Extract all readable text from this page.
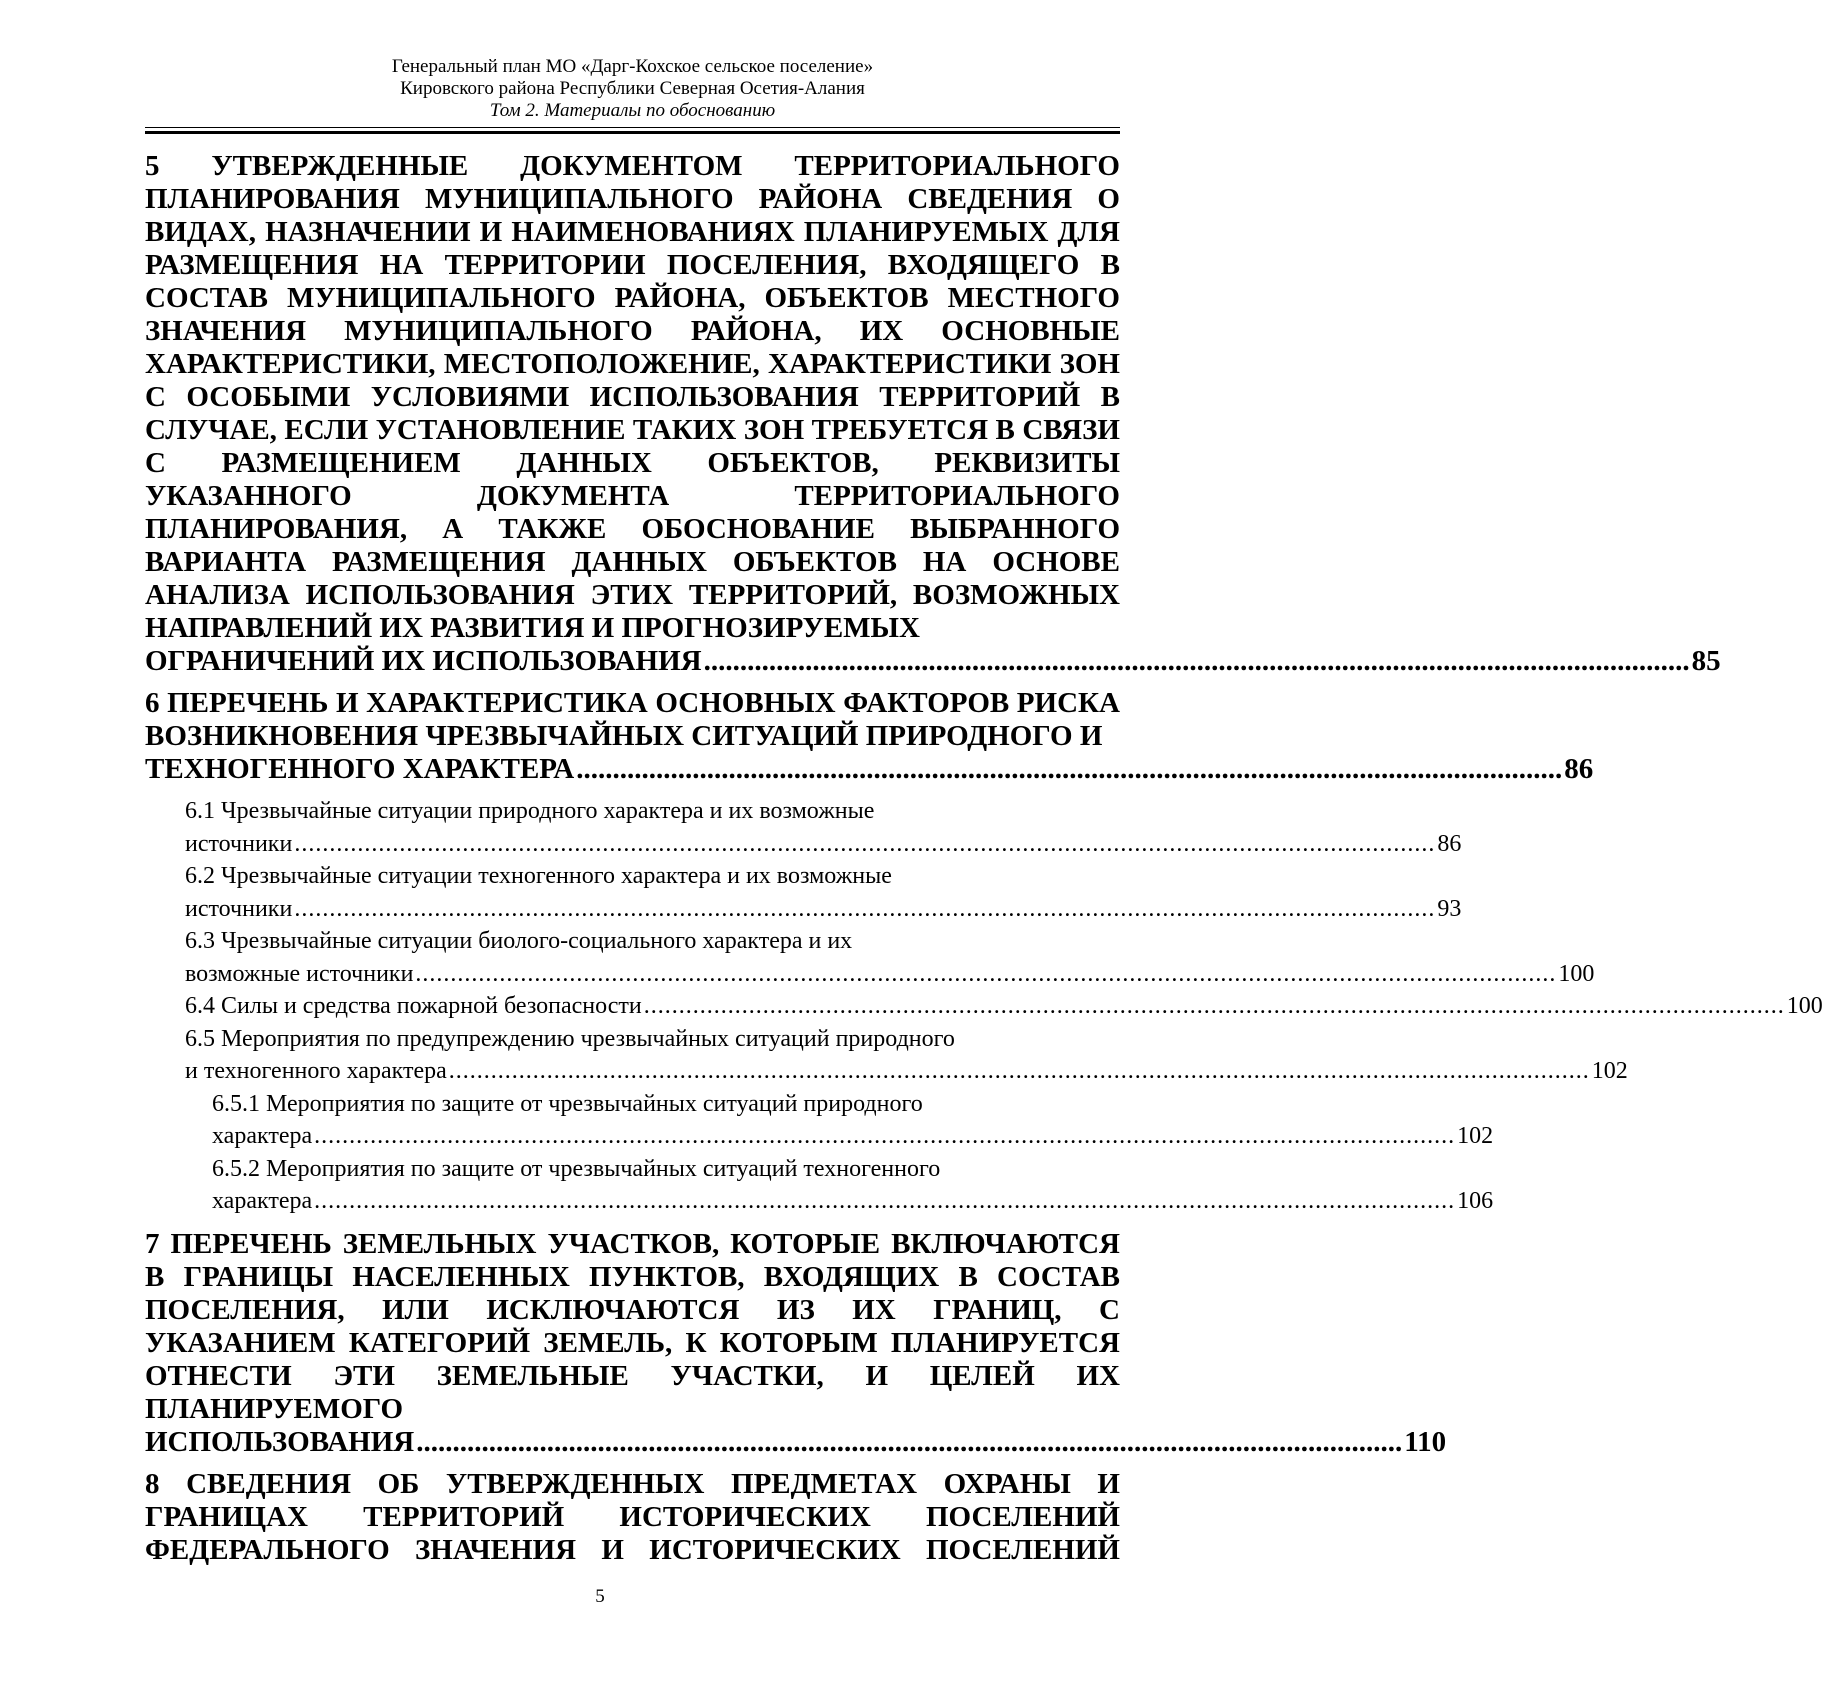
Генеральный план МО «Дарг-Кохское сельское поселение»
Кировского района Республики Северная Осетия-Алания
Том 2. Материалы по обоснованию
5 УТВЕРЖДЕННЫЕ ДОКУМЕНТОМ ТЕРРИТОРИАЛЬНОГО ПЛАНИРОВАНИЯ МУНИЦИПАЛЬНОГО РАЙОНА СВЕДЕНИЯ О ВИДАХ, НАЗНАЧЕНИИ И НАИМЕНОВАНИЯХ ПЛАНИРУЕМЫХ ДЛЯ РАЗМЕЩЕНИЯ НА ТЕРРИТОРИИ ПОСЕЛЕНИЯ, ВХОДЯЩЕГО В СОСТАВ МУНИЦИПАЛЬНОГО РАЙОНА, ОБЪЕКТОВ МЕСТНОГО ЗНАЧЕНИЯ МУНИЦИПАЛЬНОГО РАЙОНА, ИХ ОСНОВНЫЕ ХАРАКТЕРИСТИКИ, МЕСТОПОЛОЖЕНИЕ, ХАРАКТЕРИСТИКИ ЗОН С ОСОБЫМИ УСЛОВИЯМИ ИСПОЛЬЗОВАНИЯ ТЕРРИТОРИЙ В СЛУЧАЕ, ЕСЛИ УСТАНОВЛЕНИЕ ТАКИХ ЗОН ТРЕБУЕТСЯ В СВЯЗИ С РАЗМЕЩЕНИЕМ ДАННЫХ ОБЪЕКТОВ, РЕКВИЗИТЫ УКАЗАННОГО ДОКУМЕНТА ТЕРРИТОРИАЛЬНОГО ПЛАНИРОВАНИЯ, А ТАКЖЕ ОБОСНОВАНИЕ ВЫБРАННОГО ВАРИАНТА РАЗМЕЩЕНИЯ ДАННЫХ ОБЪЕКТОВ НА ОСНОВЕ АНАЛИЗА ИСПОЛЬЗОВАНИЯ ЭТИХ ТЕРРИТОРИЙ, ВОЗМОЖНЫХ НАПРАВЛЕНИЙ ИХ РАЗВИТИЯ И ПРОГНОЗИРУЕМЫХ
ОГРАНИЧЕНИЙ ИХ ИСПОЛЬЗОВАНИЯ ........................................................................................................................................ 85
6 ПЕРЕЧЕНЬ И ХАРАКТЕРИСТИКА ОСНОВНЫХ ФАКТОРОВ РИСКА ВОЗНИКНОВЕНИЯ ЧРЕЗВЫЧАЙНЫХ СИТУАЦИЙ ПРИРОДНОГО И
ТЕХНОГЕННОГО ХАРАКТЕРА ........................................................................................................................................ 86
6.1 Чрезвычайные ситуации природного характера и их возможные
источники ................................................................................................................................................................... 86
6.2 Чрезвычайные ситуации техногенного характера и их возможные
источники ................................................................................................................................................................... 93
6.3 Чрезвычайные ситуации биолого-социального характера и их
возможные источники ................................................................................................................................................................... 100
6.4 Силы и средства пожарной безопасности ................................................................................................................................................................... 100
6.5 Мероприятия по предупреждению чрезвычайных ситуаций природного
и техногенного характера ................................................................................................................................................................... 102
6.5.1 Мероприятия по защите от чрезвычайных ситуаций природного
характера ................................................................................................................................................................... 102
6.5.2 Мероприятия по защите от чрезвычайных ситуаций техногенного
характера ................................................................................................................................................................... 106
7 ПЕРЕЧЕНЬ ЗЕМЕЛЬНЫХ УЧАСТКОВ, КОТОРЫЕ ВКЛЮЧАЮТСЯ В ГРАНИЦЫ НАСЕЛЕННЫХ ПУНКТОВ, ВХОДЯЩИХ В СОСТАВ ПОСЕЛЕНИЯ, ИЛИ ИСКЛЮЧАЮТСЯ ИЗ ИХ ГРАНИЦ, С УКАЗАНИЕМ КАТЕГОРИЙ ЗЕМЕЛЬ, К КОТОРЫМ ПЛАНИРУЕТСЯ ОТНЕСТИ ЭТИ ЗЕМЕЛЬНЫЕ УЧАСТКИ, И ЦЕЛЕЙ ИХ ПЛАНИРУЕМОГО
ИСПОЛЬЗОВАНИЯ ........................................................................................................................................ 110
8 СВЕДЕНИЯ ОБ УТВЕРЖДЕННЫХ ПРЕДМЕТАХ ОХРАНЫ И ГРАНИЦАХ ТЕРРИТОРИЙ ИСТОРИЧЕСКИХ ПОСЕЛЕНИЙ ФЕДЕРАЛЬНОГО ЗНАЧЕНИЯ И ИСТОРИЧЕСКИХ ПОСЕЛЕНИЙ
5
